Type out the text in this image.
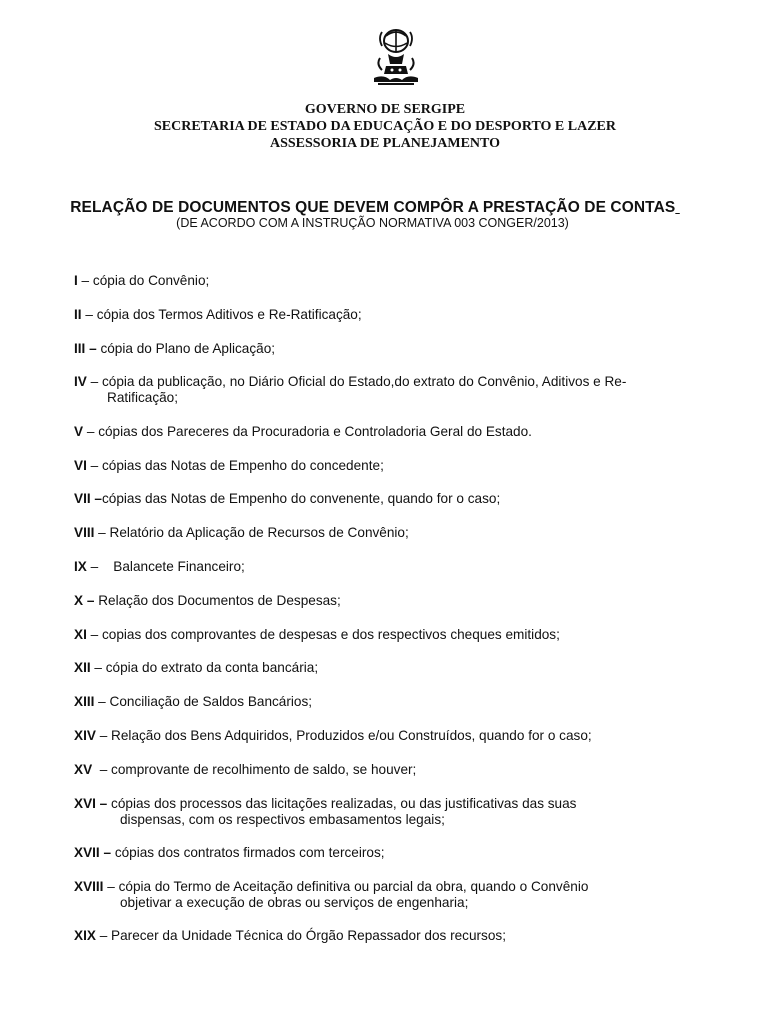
GOVERNO DE SERGIPE
SECRETARIA DE ESTADO DA EDUCAÇÃO E DO DESPORTO E LAZER
ASSESSORIA DE PLANEJAMENTO
RELAÇÃO DE DOCUMENTOS QUE DEVEM COMPÔR A PRESTAÇÃO DE CONTAS
(DE ACORDO COM A INSTRUÇÃO NORMATIVA 003 CONGER/2013)
I – cópia do Convênio;
II – cópia dos Termos Aditivos e Re-Ratificação;
III – cópia do Plano de Aplicação;
IV – cópia da publicação, no Diário Oficial do Estado,do extrato do Convênio, Aditivos e Re-
Ratificação;
V – cópias dos Pareceres da Procuradoria e Controladoria Geral do Estado.
VI – cópias das Notas de Empenho do concedente;
VII –cópias das Notas de Empenho do convenente, quando for o caso;
VIII – Relatório da Aplicação de Recursos de Convênio;
IX –    Balancete Financeiro;
X – Relação dos Documentos de Despesas;
XI – copias dos comprovantes de despesas e dos respectivos cheques emitidos;
XII – cópia do extrato da conta bancária;
XIII – Conciliação de Saldos Bancários;
XIV – Relação dos Bens Adquiridos, Produzidos e/ou Construídos, quando for o caso;
XV  – comprovante de recolhimento de saldo, se houver;
XVI – cópias dos processos das licitações realizadas, ou das justificativas das suas
dispensas, com os respectivos embasamentos legais;
XVII – cópias dos contratos firmados com terceiros;
XVIII – cópia do Termo de Aceitação definitiva ou parcial da obra, quando o Convênio
objetivar a execução de obras ou serviços de engenharia;
XIX – Parecer da Unidade Técnica do Órgão Repassador dos recursos;
